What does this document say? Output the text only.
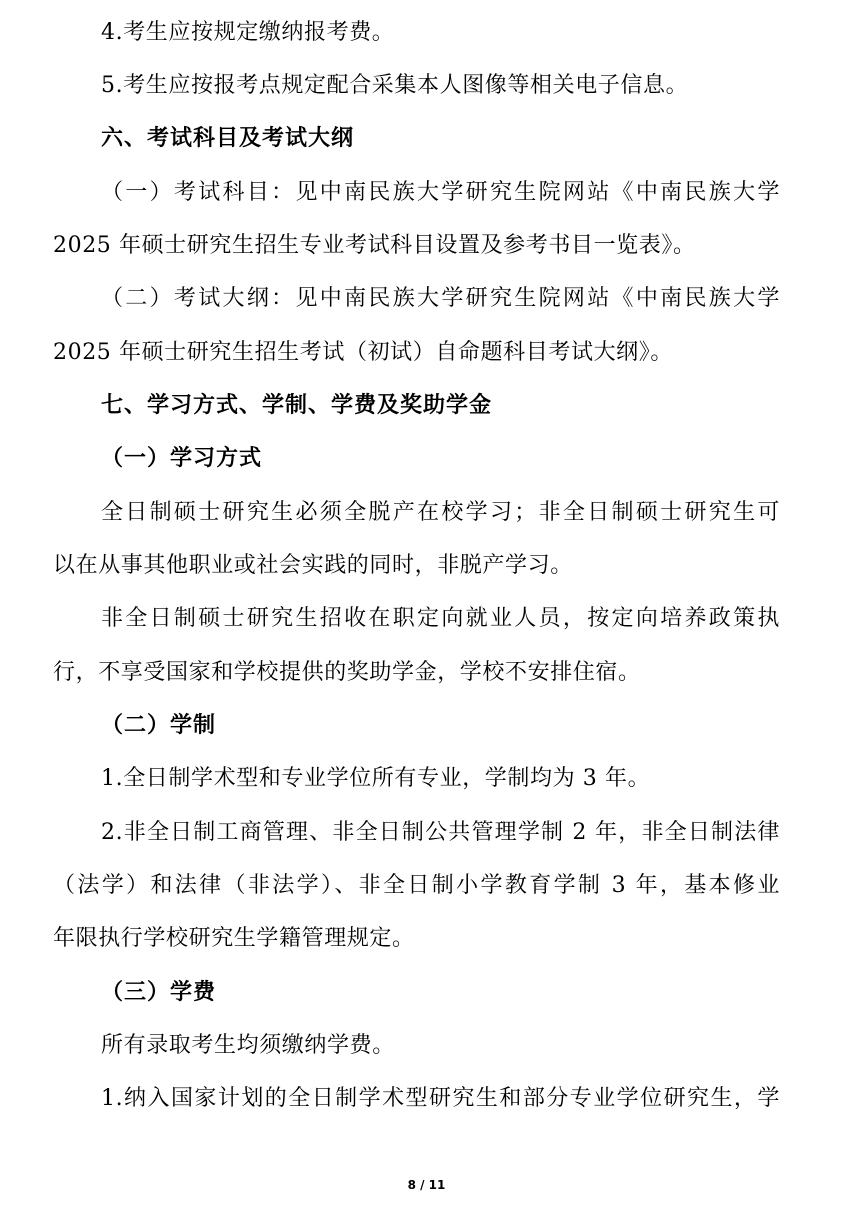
4.考生应按规定缴纳报考费。
5.考生应按报考点规定配合采集本人图像等相关电子信息。
六、考试科目及考试大纲
（一）考试科目：见中南民族大学研究生院网站《中南民族大学
2025 年硕士研究生招生专业考试科目设置及参考书目一览表》。
（二）考试大纲：见中南民族大学研究生院网站《中南民族大学
2025 年硕士研究生招生考试（初试）自命题科目考试大纲》。
七、学习方式、学制、学费及奖助学金
（一）学习方式
全日制硕士研究生必须全脱产在校学习；非全日制硕士研究生可
以在从事其他职业或社会实践的同时，非脱产学习。
非全日制硕士研究生招收在职定向就业人员，按定向培养政策执
行，不享受国家和学校提供的奖助学金，学校不安排住宿。
（二）学制
1.全日制学术型和专业学位所有专业，学制均为 3 年。
2.非全日制工商管理、非全日制公共管理学制 2 年，非全日制法律
（法学）和法律（非法学）、非全日制小学教育学制 3 年，基本修业
年限执行学校研究生学籍管理规定。
（三）学费
所有录取考生均须缴纳学费。
1.纳入国家计划的全日制学术型研究生和部分专业学位研究生，学
8 / 11
